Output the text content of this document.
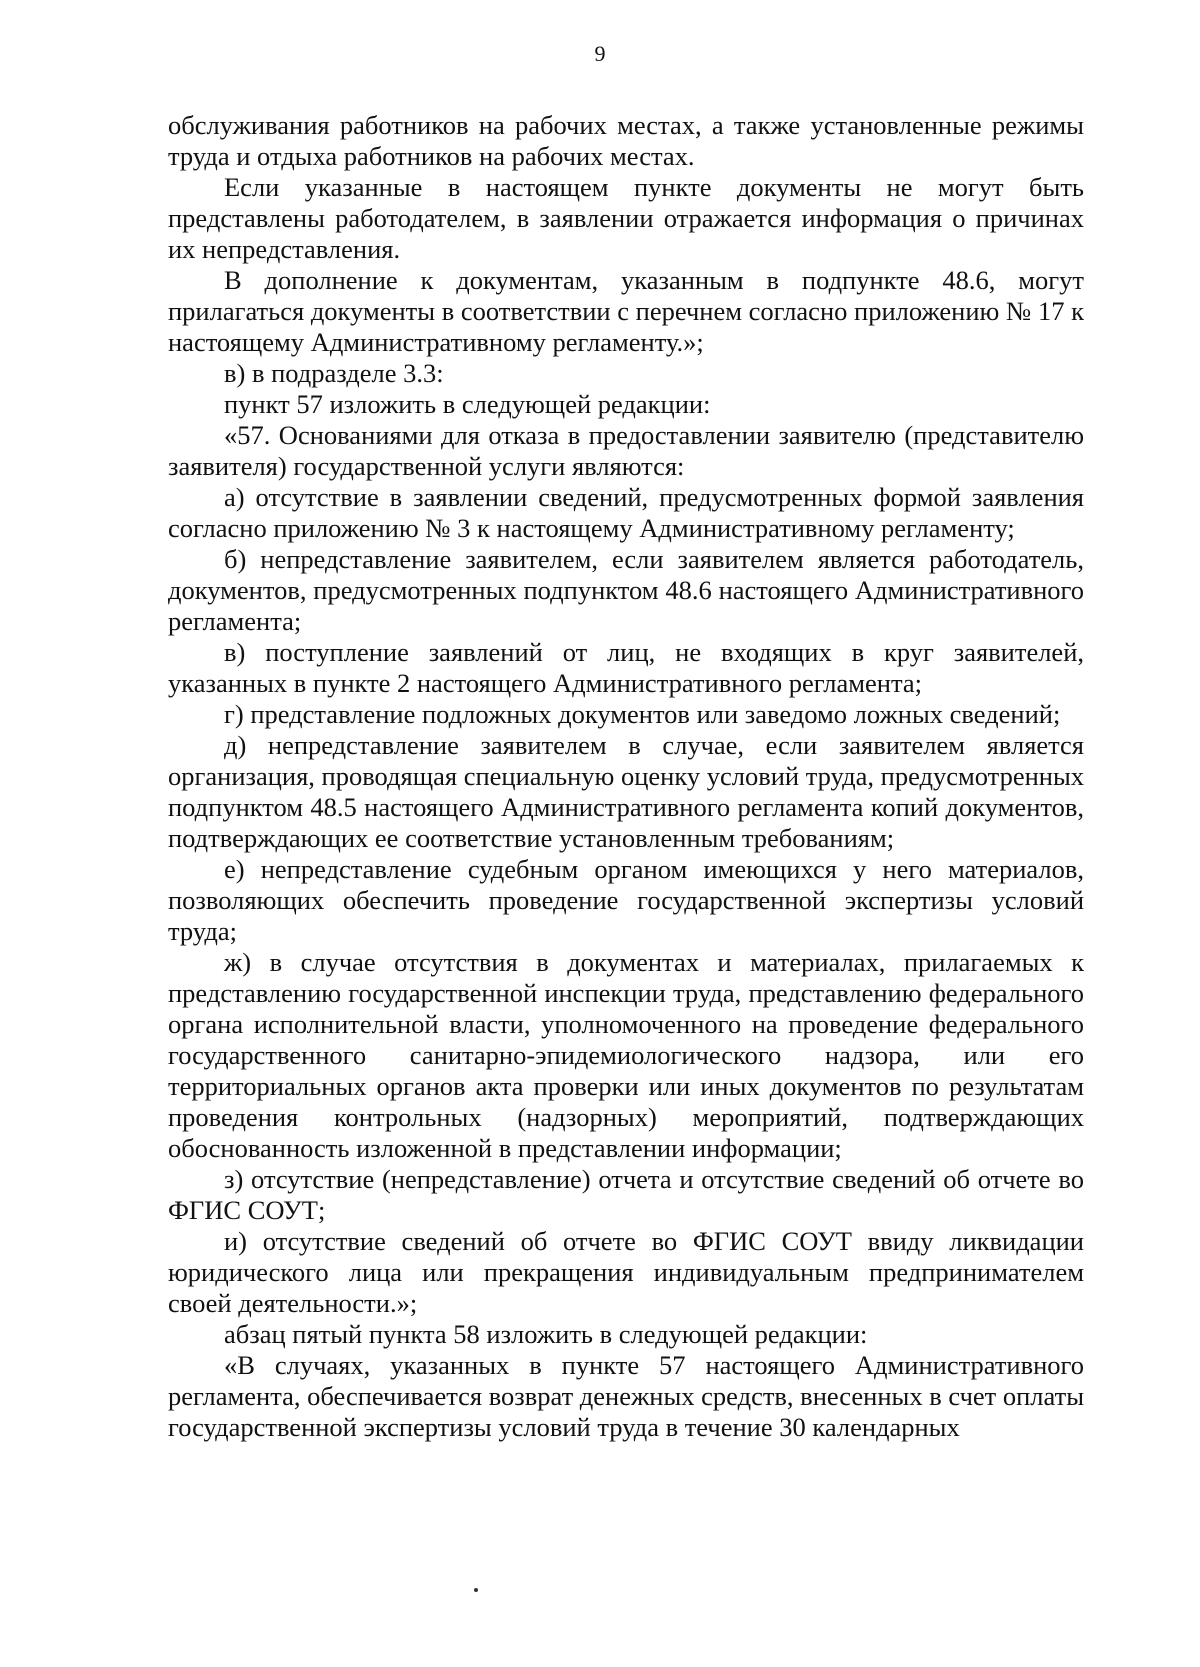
9

обслуживания работников на рабочих местах, а также установленные режимы труда и отдыха работников на рабочих местах.

Если указанные в настоящем пункте документы не могут быть представлены работодателем, в заявлении отражается информация о причинах их непредставления.

В дополнение к документам, указанным в подпункте 48.6, могут прилагаться документы в соответствии с перечнем согласно приложению № 17 к настоящему Административному регламенту.»;

в) в подразделе 3.3:

пункт 57 изложить в следующей редакции:

«57. Основаниями для отказа в предоставлении заявителю (представителю заявителя) государственной услуги являются:

а) отсутствие в заявлении сведений, предусмотренных формой заявления согласно приложению № 3 к настоящему Административному регламенту;

б) непредставление заявителем, если заявителем является работодатель, документов, предусмотренных подпунктом 48.6 настоящего Административного регламента;

в) поступление заявлений от лиц, не входящих в круг заявителей, указанных в пункте 2 настоящего Административного регламента;

г) представление подложных документов или заведомо ложных сведений;

д) непредставление заявителем в случае, если заявителем является организация, проводящая специальную оценку условий труда, предусмотренных подпунктом 48.5 настоящего Административного регламента копий документов, подтверждающих ее соответствие установленным требованиям;

е) непредставление судебным органом имеющихся у него материалов, позволяющих обеспечить проведение государственной экспертизы условий труда;

ж) в случае отсутствия в документах и материалах, прилагаемых к представлению государственной инспекции труда, представлению федерального органа исполнительной власти, уполномоченного на проведение федерального государственного санитарно-эпидемиологического надзора, или его территориальных органов акта проверки или иных документов по результатам проведения контрольных (надзорных) мероприятий, подтверждающих обоснованность изложенной в представлении информации;

з) отсутствие (непредставление) отчета и отсутствие сведений об отчете во ФГИС СОУТ;

и) отсутствие сведений об отчете во ФГИС СОУТ ввиду ликвидации юридического лица или прекращения индивидуальным предпринимателем своей деятельности.»;

абзац пятый пункта 58 изложить в следующей редакции:

«В случаях, указанных в пункте 57 настоящего Административного регламента, обеспечивается возврат денежных средств, внесенных в счет оплаты государственной экспертизы условий труда в течение 30 календарных
